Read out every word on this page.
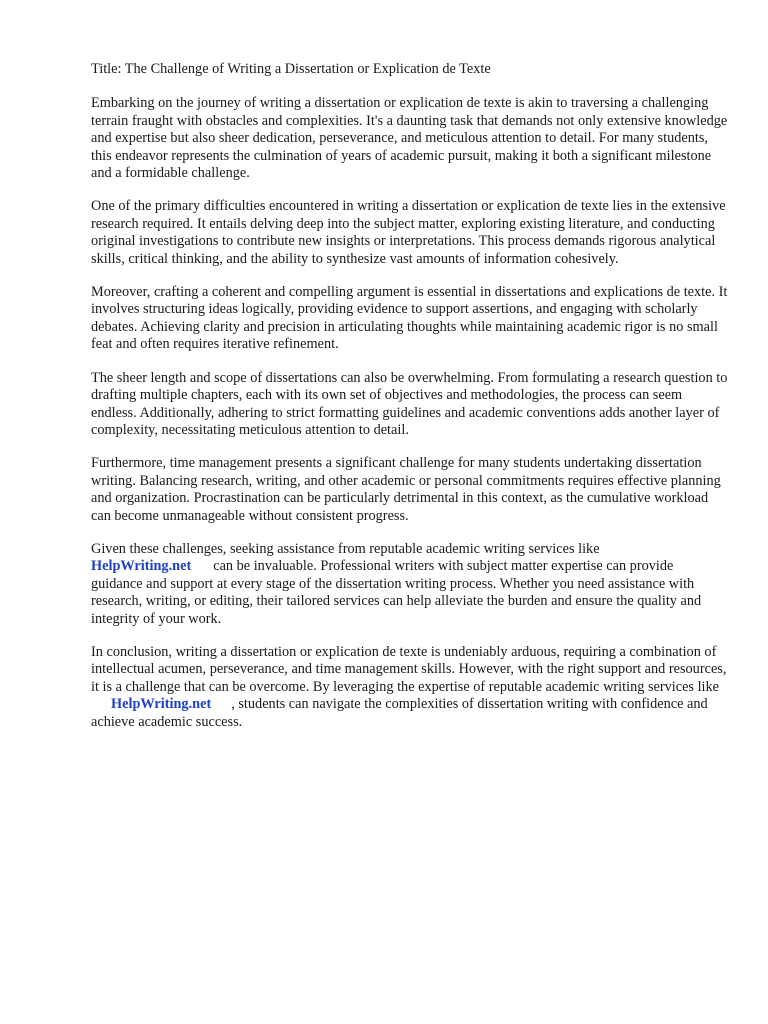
Title: The Challenge of Writing a Dissertation or Explication de Texte

Embarking on the journey of writing a dissertation or explication de texte is akin to traversing a challenging terrain fraught with obstacles and complexities. It's a daunting task that demands not only extensive knowledge and expertise but also sheer dedication, perseverance, and meticulous attention to detail. For many students, this endeavor represents the culmination of years of academic pursuit, making it both a significant milestone and a formidable challenge.

One of the primary difficulties encountered in writing a dissertation or explication de texte lies in the extensive research required. It entails delving deep into the subject matter, exploring existing literature, and conducting original investigations to contribute new insights or interpretations. This process demands rigorous analytical skills, critical thinking, and the ability to synthesize vast amounts of information cohesively.

Moreover, crafting a coherent and compelling argument is essential in dissertations and explications de texte. It involves structuring ideas logically, providing evidence to support assertions, and engaging with scholarly debates. Achieving clarity and precision in articulating thoughts while maintaining academic rigor is no small feat and often requires iterative refinement.

The sheer length and scope of dissertations can also be overwhelming. From formulating a research question to drafting multiple chapters, each with its own set of objectives and methodologies, the process can seem endless. Additionally, adhering to strict formatting guidelines and academic conventions adds another layer of complexity, necessitating meticulous attention to detail.

Furthermore, time management presents a significant challenge for many students undertaking dissertation writing. Balancing research, writing, and other academic or personal commitments requires effective planning and organization. Procrastination can be particularly detrimental in this context, as the cumulative workload can become unmanageable without consistent progress.

Given these challenges, seeking assistance from reputable academic writing services like
HelpWriting.net can be invaluable. Professional writers with subject matter expertise can provide guidance and support at every stage of the dissertation writing process. Whether you need assistance with research, writing, or editing, their tailored services can help alleviate the burden and ensure the quality and integrity of your work.

In conclusion, writing a dissertation or explication de texte is undeniably arduous, requiring a combination of intellectual acumen, perseverance, and time management skills. However, with the right support and resources, it is a challenge that can be overcome. By leveraging the expertise of reputable academic writing services likeHelpWriting.net , students can navigate the complexities of dissertation writing with confidence and achieve academic success.
